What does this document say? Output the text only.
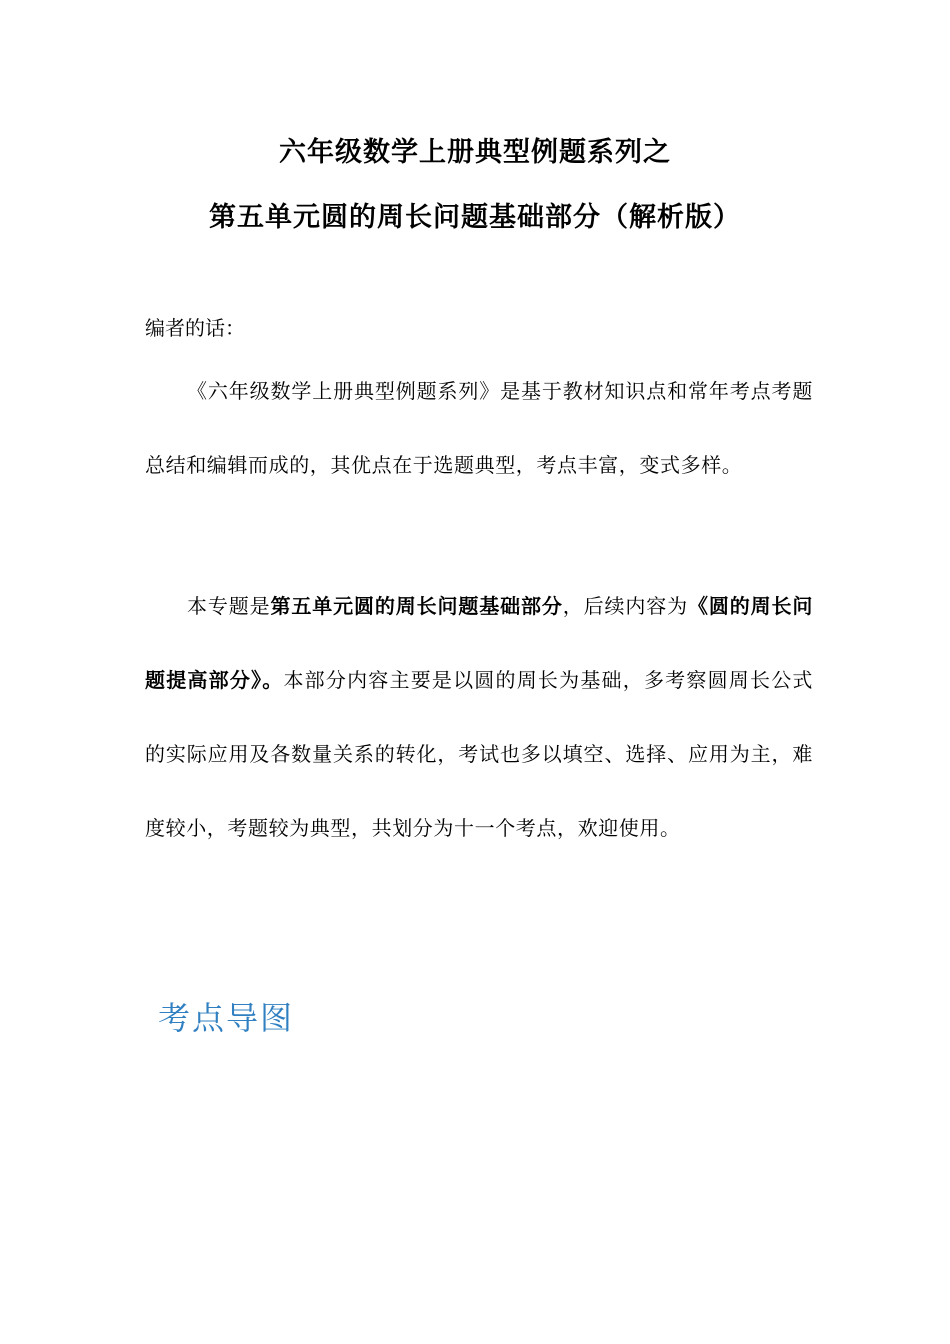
六年级数学上册典型例题系列之
第五单元圆的周长问题基础部分（解析版）
编者的话：
《六年级数学上册典型例题系列》是基于教材知识点和常年考点考题总结和编辑而成的，其优点在于选题典型，考点丰富，变式多样。
本专题是第五单元圆的周长问题基础部分，后续内容为《圆的周长问题提高部分》。本部分内容主要是以圆的周长为基础，多考察圆周长公式的实际应用及各数量关系的转化，考试也多以填空、选择、应用为主，难度较小，考题较为典型，共划分为十一个考点，欢迎使用。
考点导图
